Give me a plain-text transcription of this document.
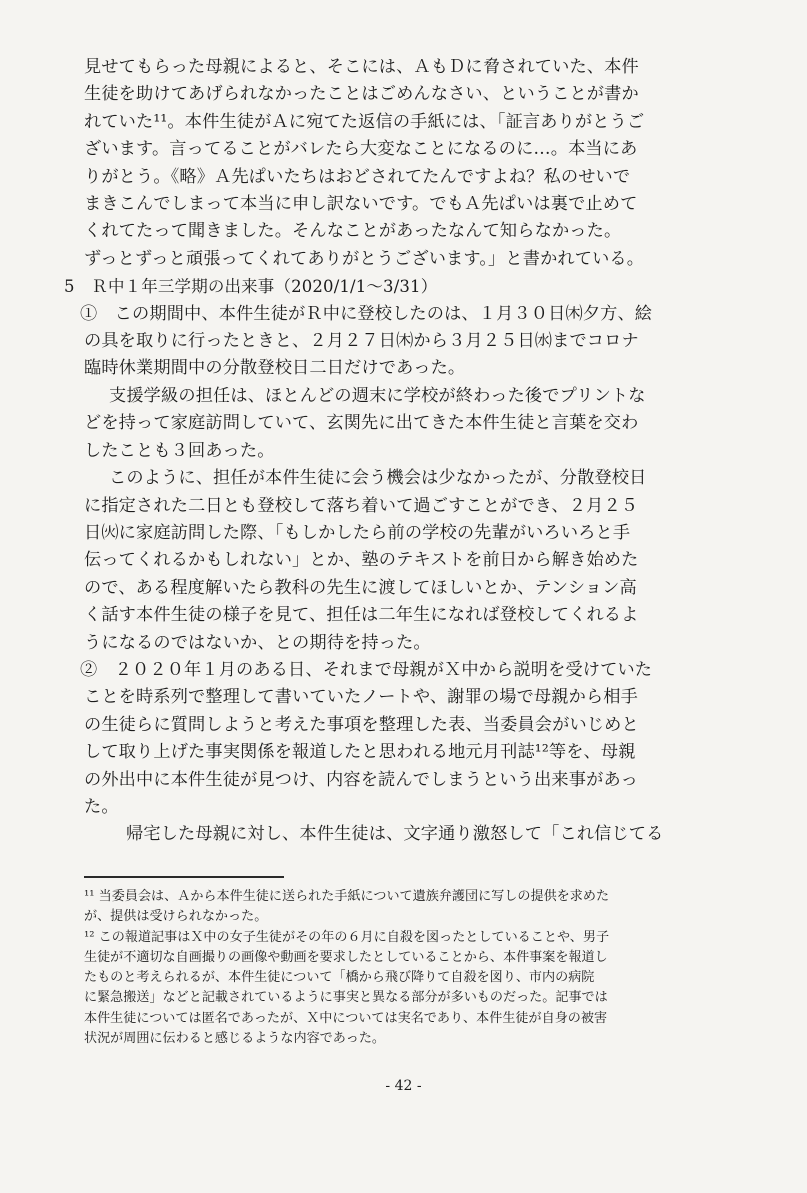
見せてもらった母親によると、そこには、ＡもＤに脅されていた、本件
生徒を助けてあげられなかったことはごめんなさい、ということが書か
れていた¹¹。本件生徒がＡに宛てた返信の手紙には、「証言ありがとうご
ざいます。言ってることがバレたら大変なことになるのに…。本当にあ
りがとう。《略》Ａ先ぱいたちはおどされてたんですよね？私のせいで
まきこんでしまって本当に申し訳ないです。でもＡ先ぱいは裏で止めて
くれてたって聞きました。そんなことがあったなんて知らなかった。
ずっとずっと頑張ってくれてありがとうございます。」と書かれている。
5　Ｒ中１年三学期の出来事（2020/1/1〜3/31）
①　この期間中、本件生徒がＲ中に登校したのは、１月３０日㈭夕方、絵
の具を取りに行ったときと、２月２７日㈭から３月２５日㈬までコロナ
臨時休業期間中の分散登校日二日だけであった。
支援学級の担任は、ほとんどの週末に学校が終わった後でプリントな
どを持って家庭訪問していて、玄関先に出てきた本件生徒と言葉を交わ
したことも３回あった。
このように、担任が本件生徒に会う機会は少なかったが、分散登校日
に指定された二日とも登校して落ち着いて過ごすことができ、２月２５
日㈫に家庭訪問した際、「もしかしたら前の学校の先輩がいろいろと手
伝ってくれるかもしれない」とか、塾のテキストを前日から解き始めた
ので、ある程度解いたら教科の先生に渡してほしいとか、テンション高
く話す本件生徒の様子を見て、担任は二年生になれば登校してくれるよ
うになるのではないか、との期待を持った。
②　２０２０年１月のある日、それまで母親がＸ中から説明を受けていた
ことを時系列で整理して書いていたノートや、謝罪の場で母親から相手
の生徒らに質問しようと考えた事項を整理した表、当委員会がいじめと
して取り上げた事実関係を報道したと思われる地元月刊誌¹²等を、母親
の外出中に本件生徒が見つけ、内容を読んでしまうという出来事があっ
た。
帰宅した母親に対し、本件生徒は、文字通り激怒して「これ信じてる
¹¹ 当委員会は、Ａから本件生徒に送られた手紙について遺族弁護団に写しの提供を求めた
が、提供は受けられなかった。
¹² この報道記事はＸ中の女子生徒がその年の６月に自殺を図ったとしていることや、男子
生徒が不適切な自画撮りの画像や動画を要求したとしていることから、本件事案を報道し
たものと考えられるが、本件生徒について「橋から飛び降りて自殺を図り、市内の病院
に緊急搬送」などと記載されているように事実と異なる部分が多いものだった。記事では
本件生徒については匿名であったが、Ｘ中については実名であり、本件生徒が自身の被害
状況が周囲に伝わると感じるような内容であった。
- 42 -
